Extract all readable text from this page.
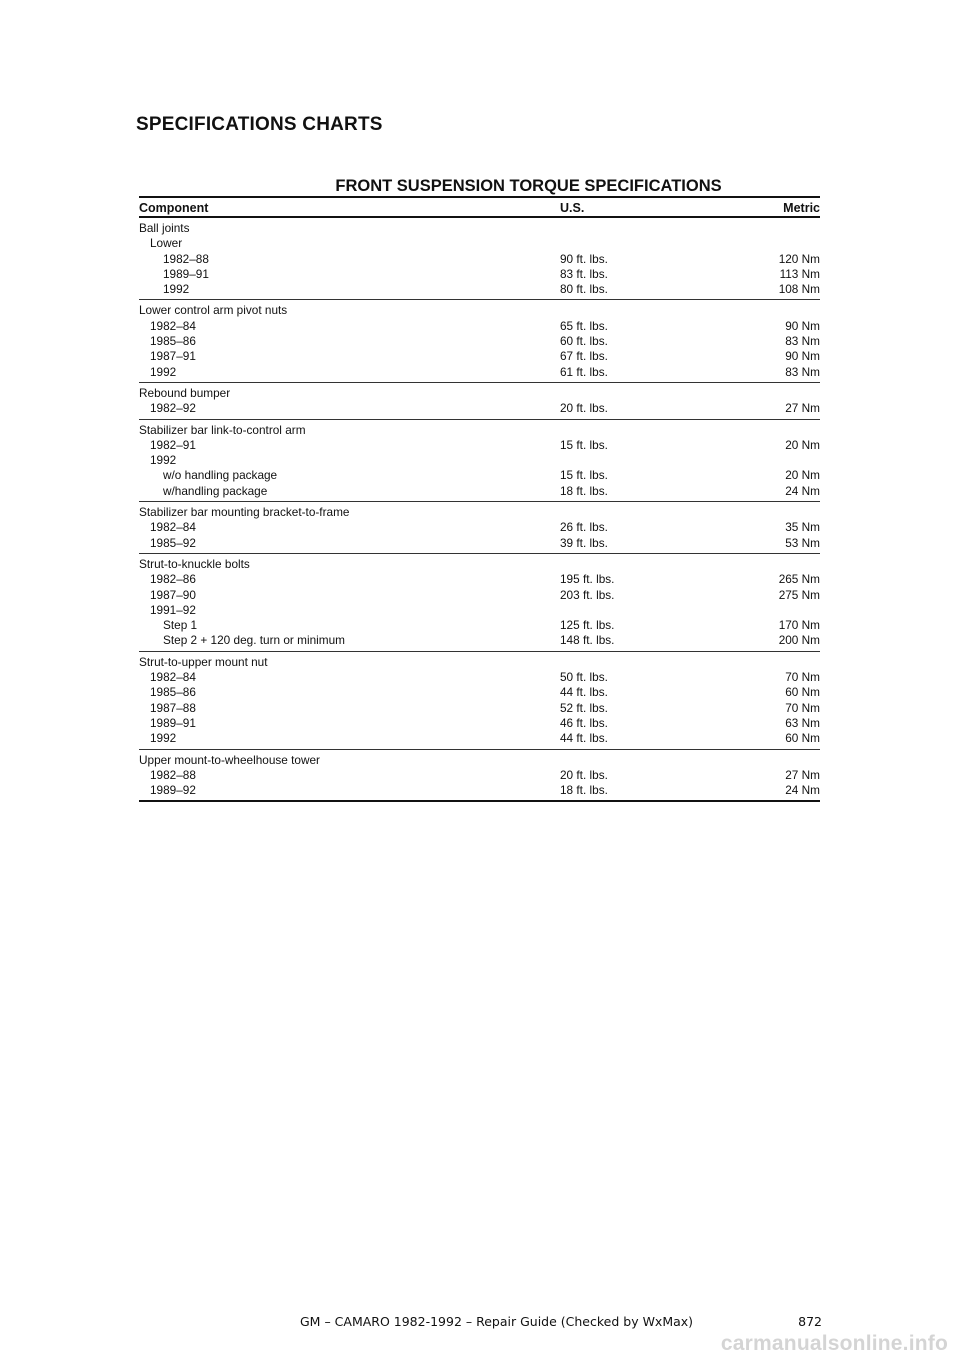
SPECIFICATIONS CHARTS
FRONT SUSPENSION TORQUE SPECIFICATIONS
Component	U.S.	Metric
Ball joints
Lower
1982–88	90 ft. lbs.	120 Nm
1989–91	83 ft. lbs.	113 Nm
1992	80 ft. lbs.	108 Nm
Lower control arm pivot nuts
1982–84	65 ft. lbs.	90 Nm
1985–86	60 ft. lbs.	83 Nm
1987–91	67 ft. lbs.	90 Nm
1992	61 ft. lbs.	83 Nm
Rebound bumper
1982–92	20 ft. lbs.	27 Nm
Stabilizer bar link-to-control arm
1982–91	15 ft. lbs.	20 Nm
1992
w/o handling package	15 ft. lbs.	20 Nm
w/handling package	18 ft. lbs.	24 Nm
Stabilizer bar mounting bracket-to-frame
1982–84	26 ft. lbs.	35 Nm
1985–92	39 ft. lbs.	53 Nm
Strut-to-knuckle bolts
1982–86	195 ft. lbs.	265 Nm
1987–90	203 ft. lbs.	275 Nm
1991–92
Step 1	125 ft. lbs.	170 Nm
Step 2 + 120 deg. turn or minimum	148 ft. lbs.	200 Nm
Strut-to-upper mount nut
1982–84	50 ft. lbs.	70 Nm
1985–86	44 ft. lbs.	60 Nm
1987–88	52 ft. lbs.	70 Nm
1989–91	46 ft. lbs.	63 Nm
1992	44 ft. lbs.	60 Nm
Upper mount-to-wheelhouse tower
1982–88	20 ft. lbs.	27 Nm
1989–92	18 ft. lbs.	24 Nm
GM – CAMARO 1982-1992 – Repair Guide (Checked by WxMax)	872
carmanualsonline.info
